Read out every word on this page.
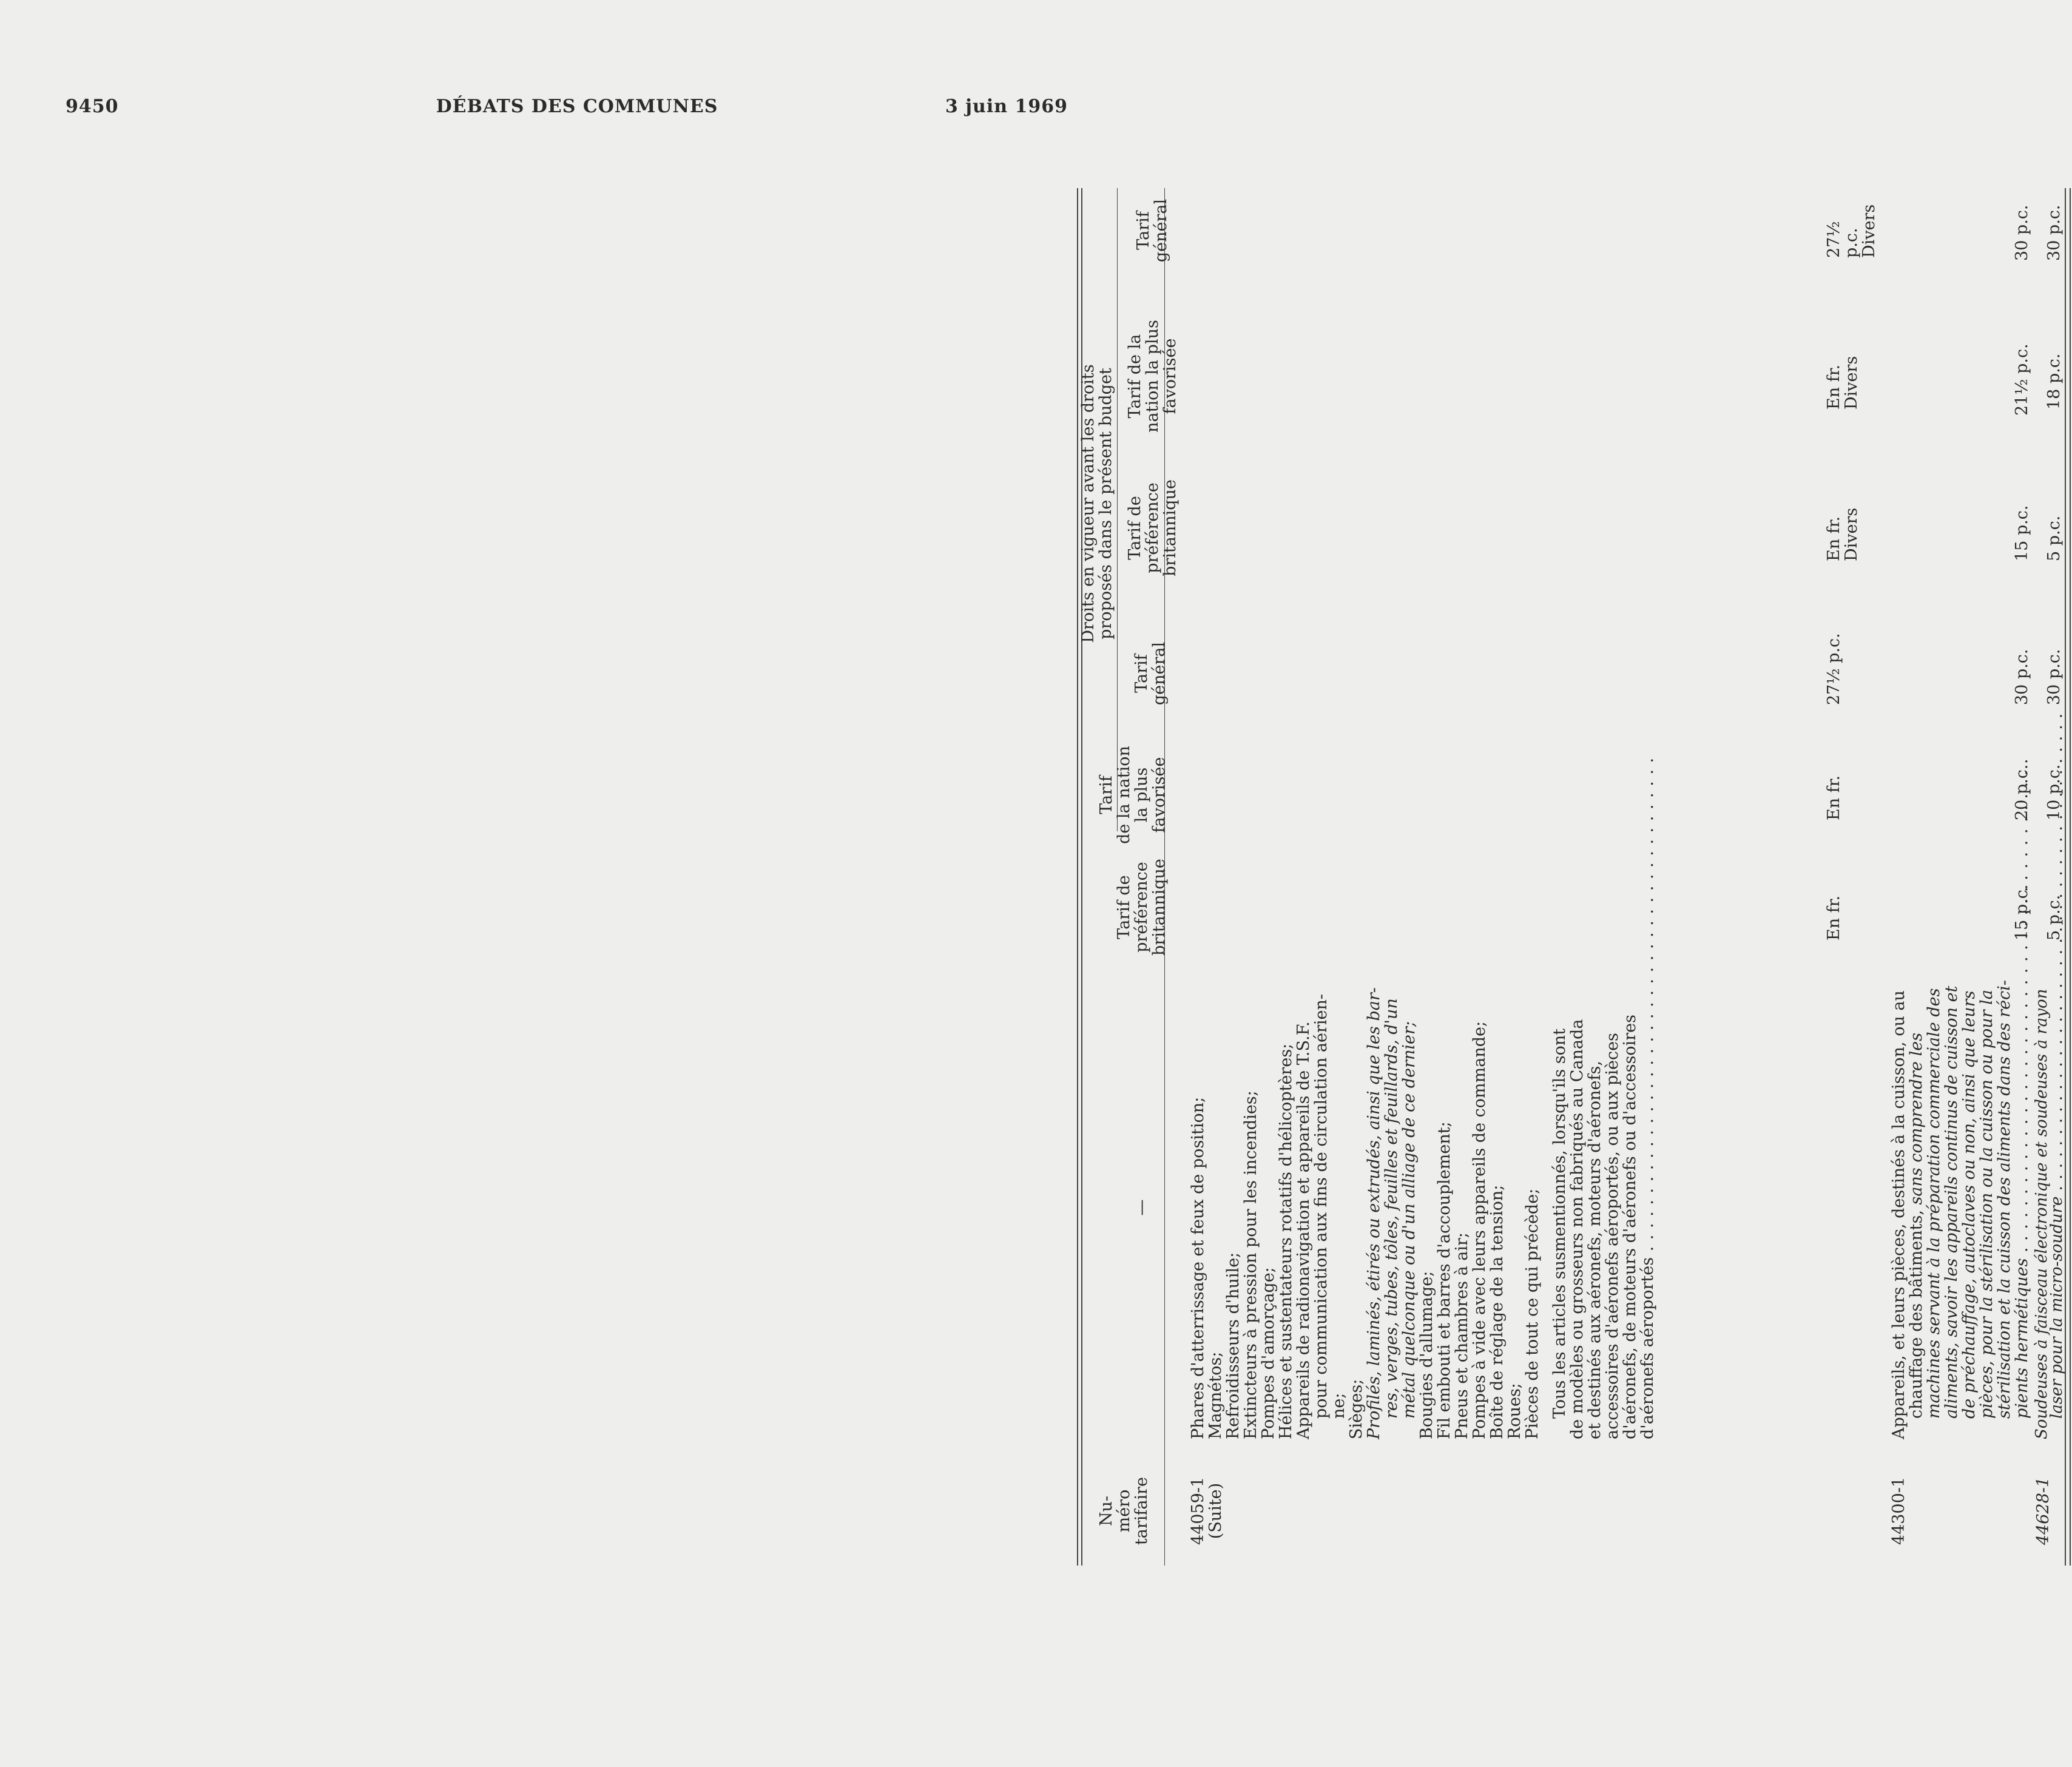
9450	DÉBATS DES COMMUNES	3 juin 1969
Nu-
méro
tarifaire
—
Tarif de
préférence
britannique
Tarif
de la nation
la plus
favorisée
Tarif
général
Droits en vigueur avant les droits
proposés dans le présent budget Tarif de
préférence
britannique
Tarif de la
nation la plus
favorisée
Tarif
général
44059-1
(Suite)
Phares d'atterrissage et feux de position;
Magnétos;
Refroidisseurs d'huile;
Extincteurs à pression pour les incendies;
Pompes d'amorçage;
Hélices et sustentateurs rotatifs d'hélicoptères;
Appareils de radionavigation et appareils de T.S.F.
pour communication aux fins de circulation aérien-
ne;
Sièges;
Profilés, laminés, étirés ou extrudés, ainsi que les bar-
res, verges, tubes, tôles, feuilles et feuillards, d'un
métal quelconque ou d'un alliage de ce dernier;
Bougies d'allumage;
Fil embouti et barres d'accouplement;
Pneus et chambres à air;
Pompes à vide avec leurs appareils de commande;
Boîte de réglage de la tension;
Roues;
Pièces de tout ce qui précède; Tous les articles susmentionnés, lorsqu'ils sont
de modèles ou grosseurs non fabriqués au Canada
et destinés aux aéronefs, moteurs d'aéronefs,
accessoires d'aéronefs aéroportés, ou aux pièces
d'aéronefs, de moteurs d'aéronefs ou d'accessoires
d'aéronefs aéroportés . . .
En fr.
En fr.
27½ p.c.
En fr.
Divers
En fr.
Divers
27½ p.c.
Divers
44300-1
Appareils, et leurs pièces, destinés à la cuisson, ou au
chauffage des bâtiments, sans comprendre les
machines servant à la préparation commerciale des
aliments, savoir les appareils continus de cuisson et
de préchauffage, autoclaves ou non, ainsi que leurs
pièces, pour la stérilisation ou la cuisson ou pour la
stérilisation et la cuisson des aliments dans des réci-
pients hermétiques . . .
15 p.c.
20 p.c.
30 p.c.
15 p.c.
21½ p.c.
30 p.c.
44628-1
Soudeuses à faisceau électronique et soudeuses à rayon
laser pour la micro-soudure . . .
5 p.c.
10 p.c.
30 p.c.
5 p.c.
18 p.c.
30 p.c.
